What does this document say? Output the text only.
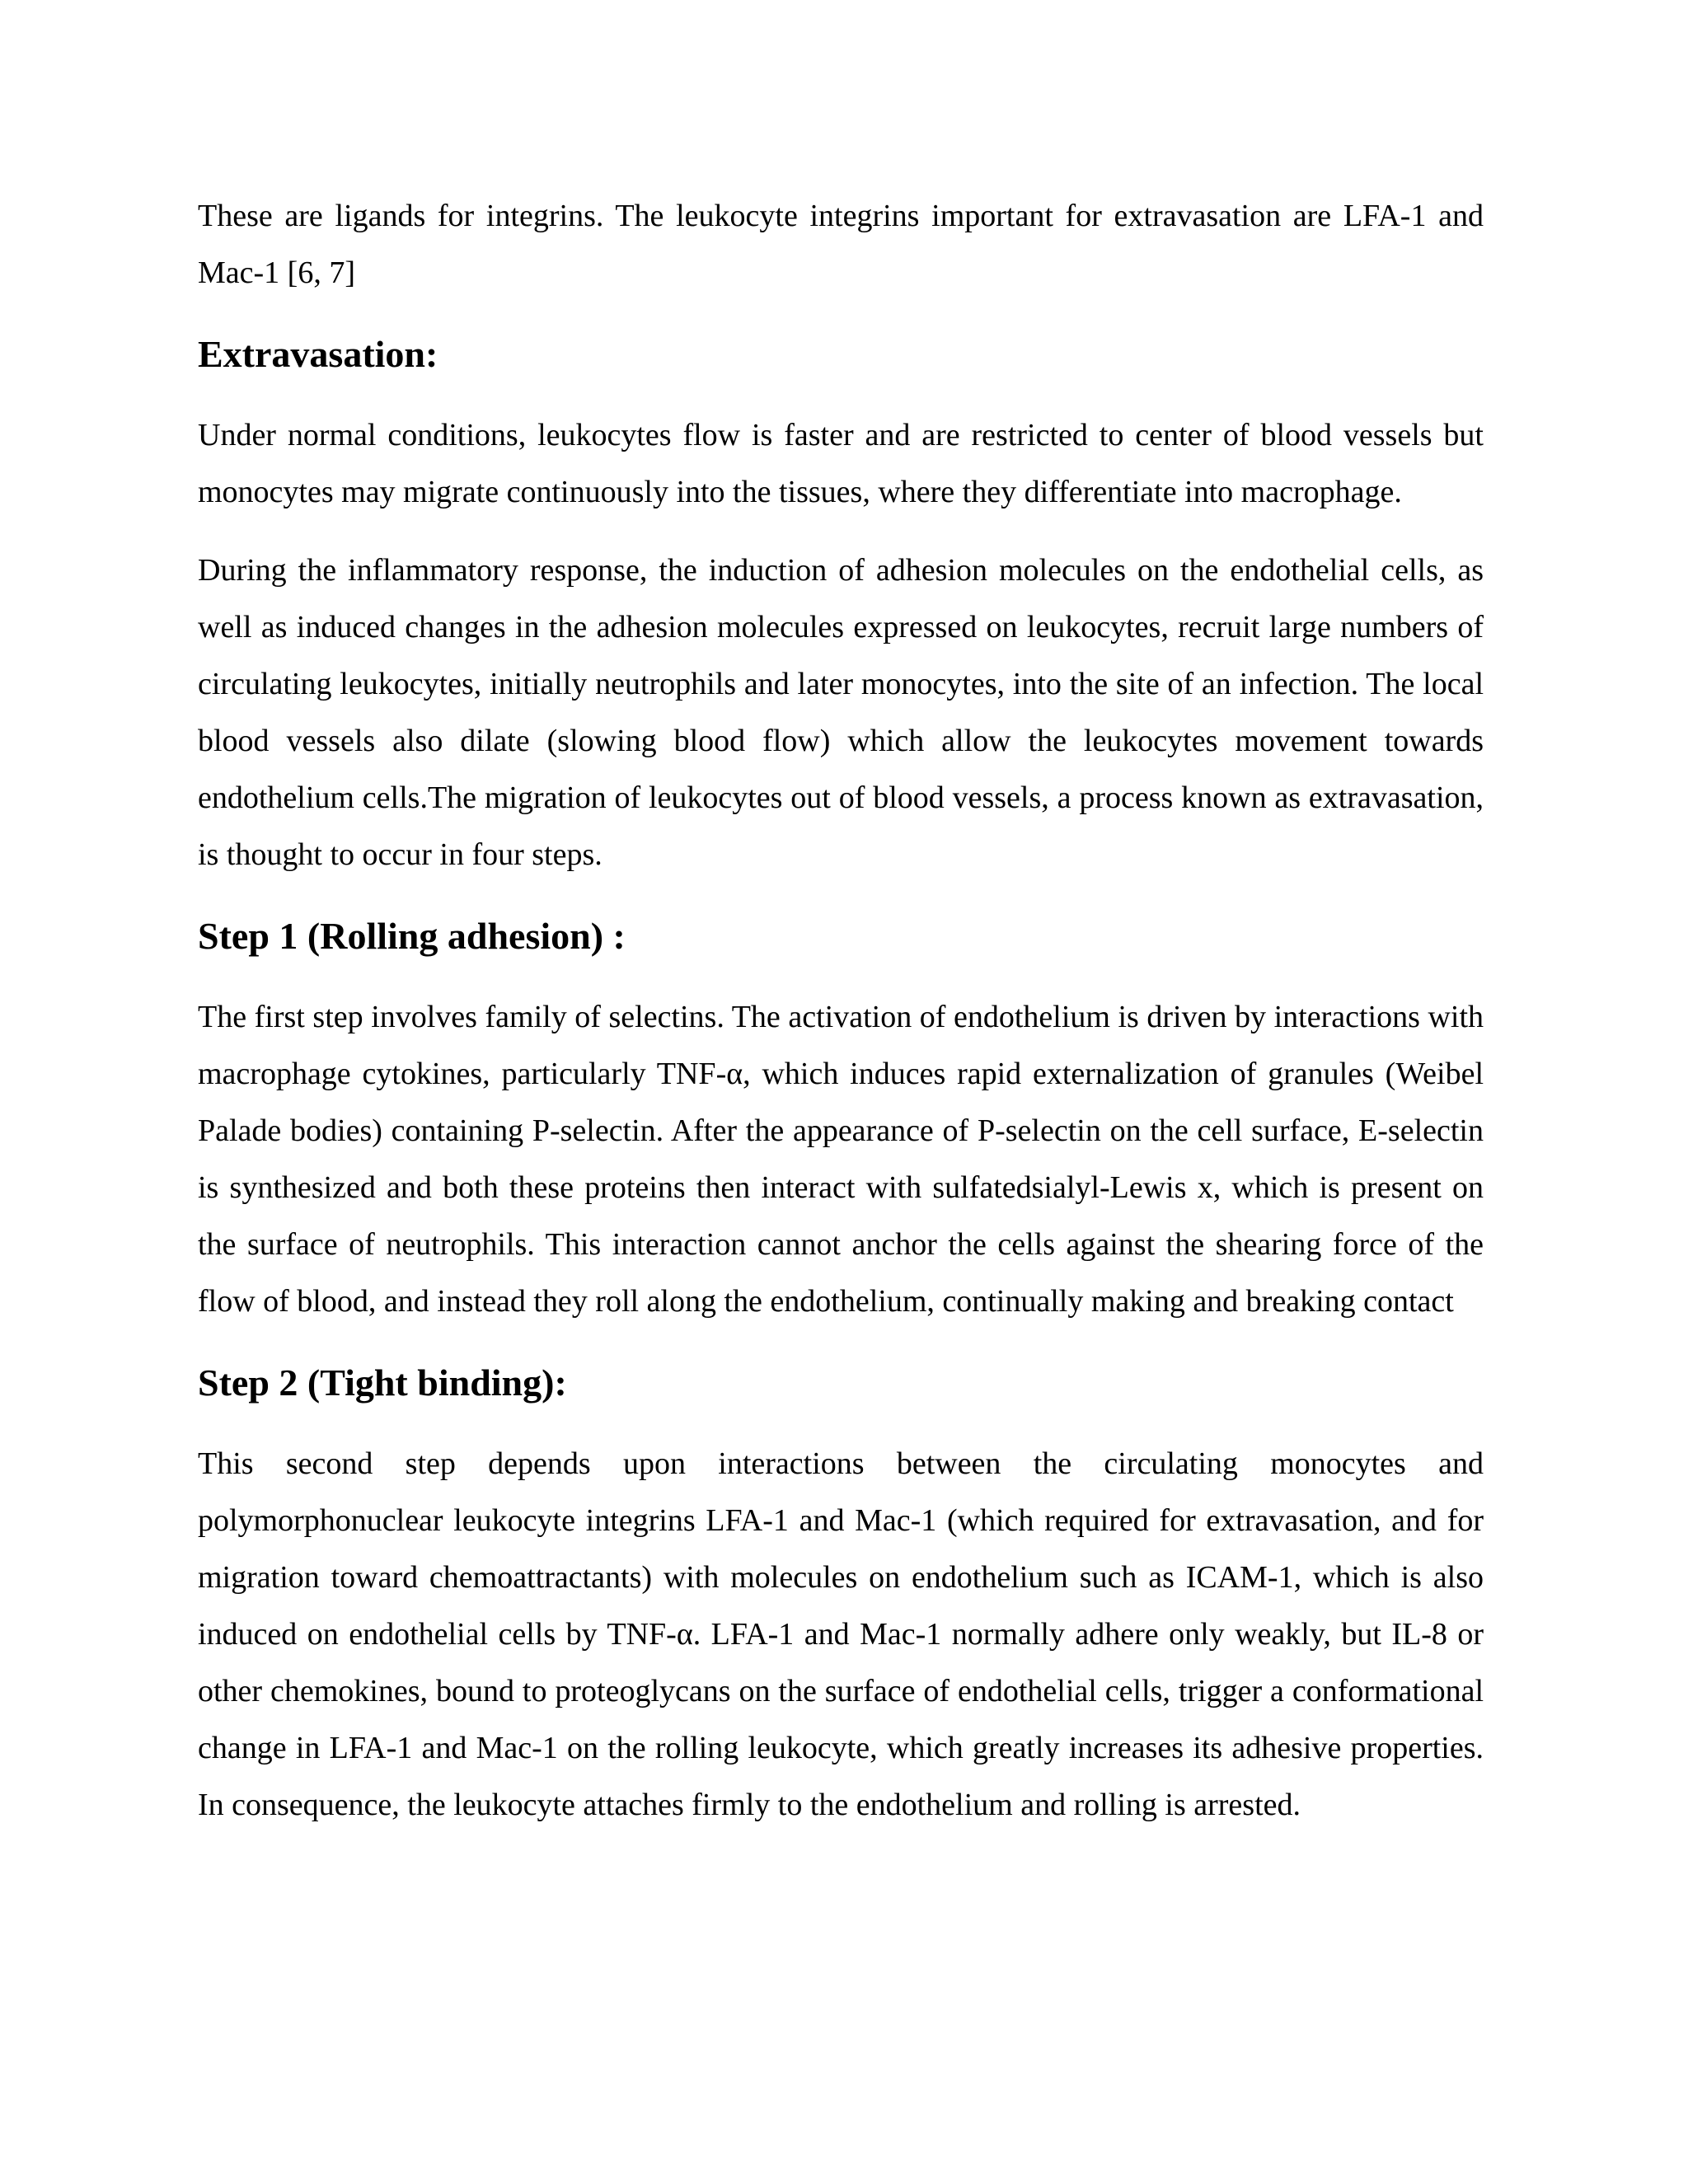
These are ligands for integrins. The leukocyte integrins important for extravasation are LFA-1 and Mac-1 [6, 7]

Extravasation:

Under normal conditions, leukocytes flow is faster and are restricted to center of blood vessels but monocytes may migrate continuously into the tissues, where they differentiate into macrophage.

During the inflammatory response, the induction of adhesion molecules on the endothelial cells, as well as induced changes in the adhesion molecules expressed on leukocytes, recruit large numbers of circulating leukocytes, initially neutrophils and later monocytes, into the site of an infection. The local blood vessels also dilate (slowing blood flow) which allow the leukocytes movement towards endothelium cells.The migration of leukocytes out of blood vessels, a process known as extravasation, is thought to occur in four steps.

Step 1 (Rolling adhesion) :

The first step involves family of selectins. The activation of endothelium is driven by interactions with macrophage cytokines, particularly TNF-α, which induces rapid externalization of granules (Weibel Palade bodies) containing P-selectin. After the appearance of P-selectin on the cell surface, E-selectin is synthesized and both these proteins then interact with sulfatedsialyl-Lewis x, which is present on the surface of neutrophils. This interaction cannot anchor the cells against the shearing force of the flow of blood, and instead they roll along the endothelium, continually making and breaking contact

Step 2 (Tight binding):

This second step depends upon interactions between the circulating monocytes and polymorphonuclear leukocyte integrins LFA-1 and Mac-1 (which required for extravasation, and for migration toward chemoattractants) with molecules on endothelium such as ICAM-1, which is also induced on endothelial cells by TNF-α. LFA-1 and Mac-1 normally adhere only weakly, but IL-8 or other chemokines, bound to proteoglycans on the surface of endothelial cells, trigger a conformational change in LFA-1 and Mac-1 on the rolling leukocyte, which greatly increases its adhesive properties. In consequence, the leukocyte attaches firmly to the endothelium and rolling is arrested.
